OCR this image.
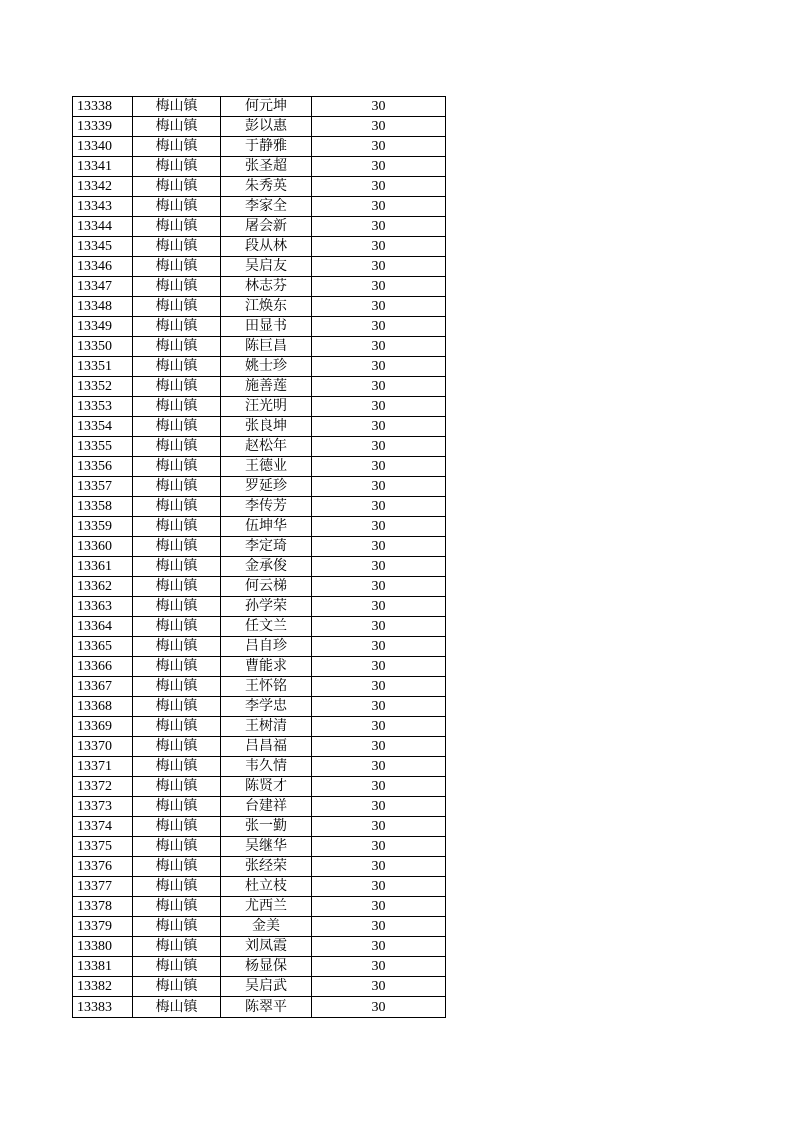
13338	梅山镇	何元坤	30
13339	梅山镇	彭以惠	30
13340	梅山镇	于静雅	30
13341	梅山镇	张圣超	30
13342	梅山镇	朱秀英	30
13343	梅山镇	李家全	30
13344	梅山镇	屠会新	30
13345	梅山镇	段从林	30
13346	梅山镇	吴启友	30
13347	梅山镇	林志芬	30
13348	梅山镇	江焕东	30
13349	梅山镇	田显书	30
13350	梅山镇	陈巨昌	30
13351	梅山镇	姚士珍	30
13352	梅山镇	施善莲	30
13353	梅山镇	汪光明	30
13354	梅山镇	张良坤	30
13355	梅山镇	赵松年	30
13356	梅山镇	王德业	30
13357	梅山镇	罗延珍	30
13358	梅山镇	李传芳	30
13359	梅山镇	伍坤华	30
13360	梅山镇	李定琦	30
13361	梅山镇	金承俊	30
13362	梅山镇	何云梯	30
13363	梅山镇	孙学荣	30
13364	梅山镇	任文兰	30
13365	梅山镇	吕自珍	30
13366	梅山镇	曹能求	30
13367	梅山镇	王怀铭	30
13368	梅山镇	李学忠	30
13369	梅山镇	王树清	30
13370	梅山镇	吕昌福	30
13371	梅山镇	韦久情	30
13372	梅山镇	陈贤才	30
13373	梅山镇	台建祥	30
13374	梅山镇	张一勤	30
13375	梅山镇	吴继华	30
13376	梅山镇	张经荣	30
13377	梅山镇	杜立枝	30
13378	梅山镇	尤西兰	30
13379	梅山镇	金美	30
13380	梅山镇	刘凤霞	30
13381	梅山镇	杨显保	30
13382	梅山镇	吴启武	30
13383	梅山镇	陈翠平	30
